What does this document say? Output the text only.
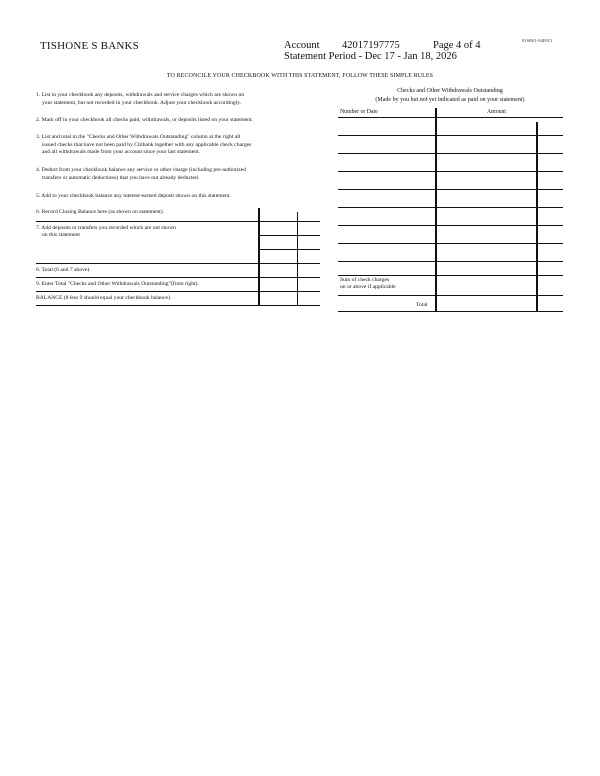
TISHONE S BANKS	01S0K1-04F013
Account 42017197775	Page 4 of 4
Statement Period - Dec 17 - Jan 18, 2026
TO RECONCILE YOUR CHECKBOOK WITH THIS STATEMENT, FOLLOW THESE SIMPLE RULES
1. List in your checkbook any deposits, withdrawals and service charges which are shown on
your statement, but not recorded in your checkbook. Adjust your checkbook accordingly.
2. Mark off in your checkbook all checks paid, withdrawals, or deposits listed on your statement.
3. List and total in the "Checks and Other Withdrawals Outstanding" column at the right all
issued checks that have not been paid by Citibank together with any applicable check charges
and all withdrawals made from your account since your last statement.
4. Deduct from your checkbook balance any service or other charge (including pre-authorized
transfers or automatic deductions) that you have not already deducted.
5. Add to your checkbook balance any interest-earned deposit shown on this statement.
6. Record Closing Balance here (as shown on statement).
7. Add deposits or transfers you recorded which are not shown
on this statement
8. Total (6 and 7 above).
9. Enter Total "Checks and Other Withdrawals Outstanding"(from right).
BALANCE (8 less 9 should equal your checkbook balance).
Checks and Other Withdrawals Outstanding
(Made by you but not yet indicated as paid on your statement)
Number or Date	Amount
Sum of check charges
on or above if applicable
Total
